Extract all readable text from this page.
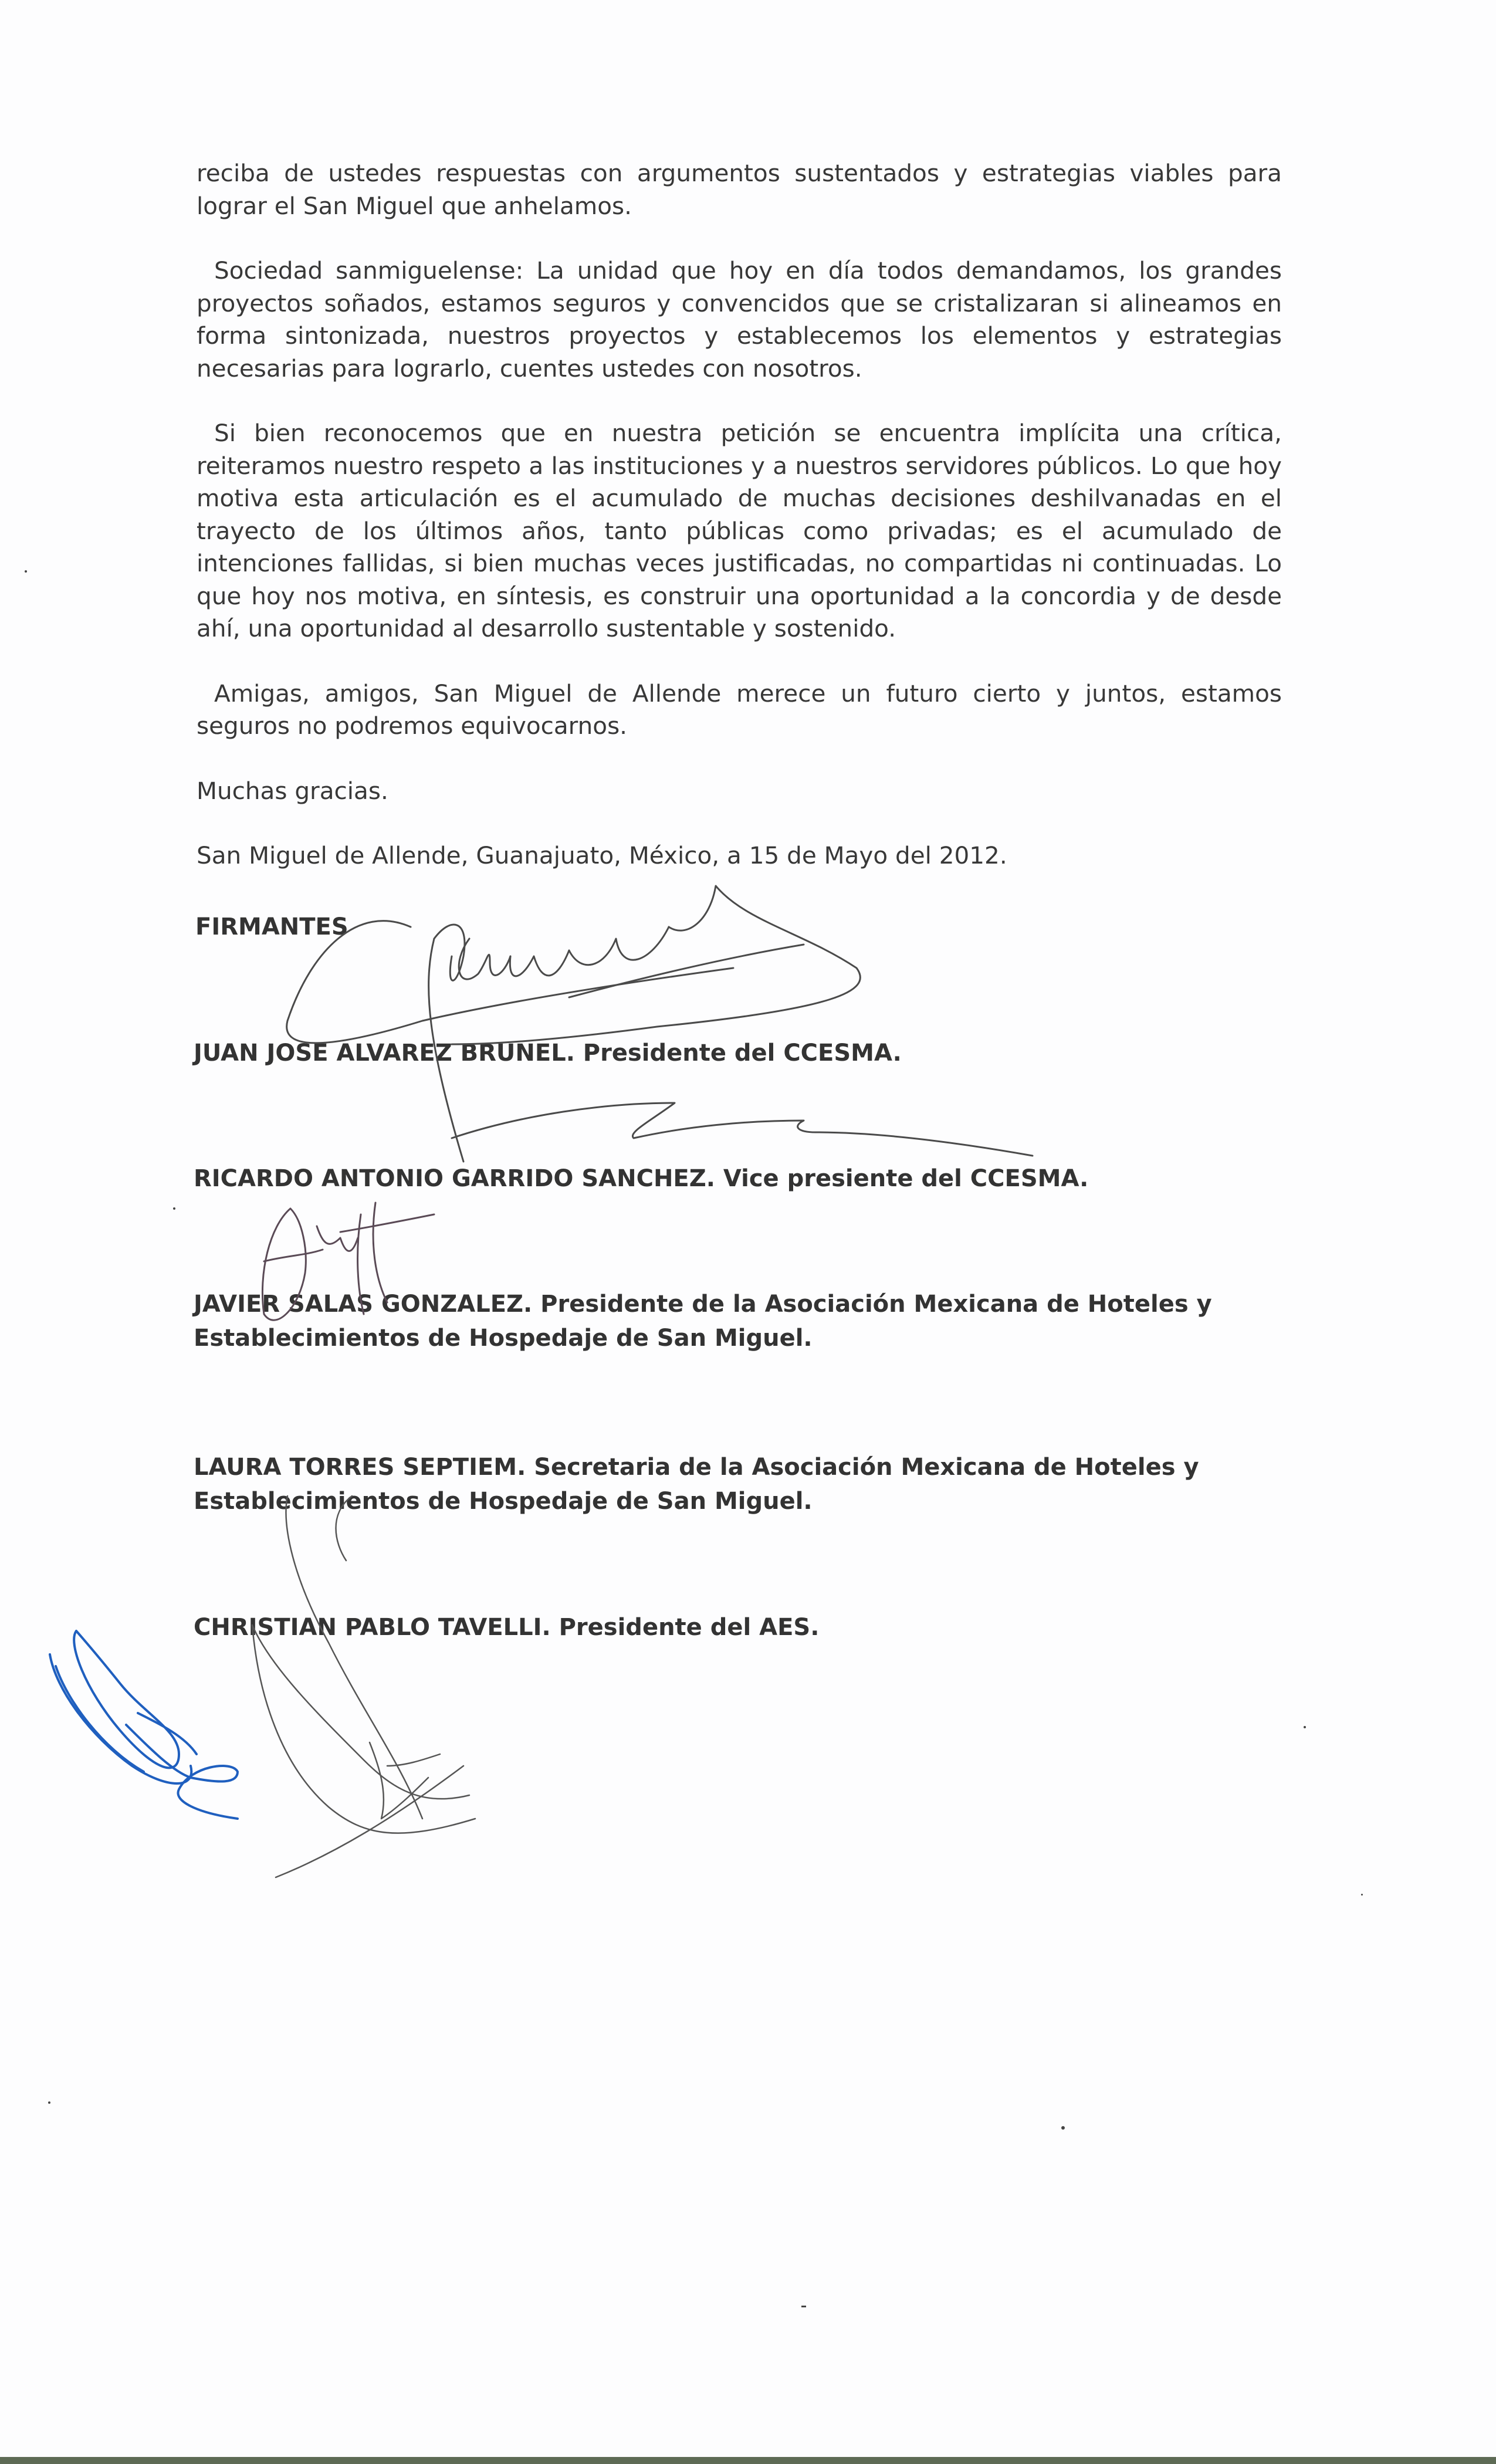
reciba de ustedes respuestas con argumentos sustentados y estrategias viables para lograr el San Miguel que anhelamos.

Sociedad sanmiguelense: La unidad que hoy en día todos demandamos, los grandes proyectos soñados, estamos seguros y convencidos que se cristalizaran si alineamos en forma sintonizada, nuestros proyectos y establecemos los elementos y estrategias necesarias para lograrlo, cuentes ustedes con nosotros.

Si bien reconocemos que en nuestra petición se encuentra implícita una crítica, reiteramos nuestro respeto a las instituciones y a nuestros servidores públicos. Lo que hoy motiva esta articulación es el acumulado de muchas decisiones deshilvanadas en el trayecto de los últimos años, tanto públicas como privadas; es el acumulado de intenciones fallidas, si bien muchas veces justificadas, no compartidas ni continuadas. Lo que hoy nos motiva, en síntesis, es construir una oportunidad a la concordia y de desde ahí, una oportunidad al desarrollo sustentable y sostenido.

Amigas, amigos, San Miguel de Allende merece un futuro cierto y juntos, estamos seguros no podremos equivocarnos.

Muchas gracias.

San Miguel de Allende, Guanajuato, México, a 15 de Mayo del 2012.

FIRMANTES

JUAN JOSE ALVAREZ BRUNEL. Presidente del CCESMA.
RICARDO ANTONIO GARRIDO SANCHEZ. Vice presiente del CCESMA.
JAVIER SALAS GONZALEZ. Presidente de la Asociación Mexicana de Hoteles y Establecimientos de Hospedaje de San Miguel.
LAURA TORRES SEPTIEM. Secretaria de la Asociación Mexicana de Hoteles y Establecimientos de Hospedaje de San Miguel.
CHRISTIAN PABLO TAVELLI. Presidente del AES.
